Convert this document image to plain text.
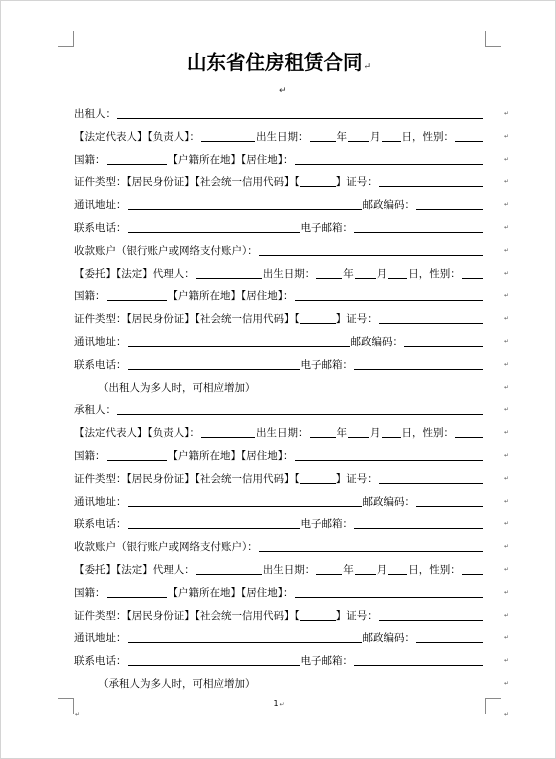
山东省住房租赁合同↵
↵
出租人：	↵
【法定代表人】【负责人】：	出生日期：	年 月 日，性别：	↵
国籍：	【户籍所在地】【居住地】：	↵
证件类型：【居民身份证】【社会统一信用代码】【	】证号：	↵
通讯地址：	邮政编码：	↵
联系电话：	电子邮箱：	↵
收款账户（银行账户或网络支付账户）：	↵
【委托】【法定】代理人：	出生日期：	年 月 日，性别：	↵
国籍：	【户籍所在地】【居住地】：	↵
证件类型：【居民身份证】【社会统一信用代码】【	】证号：	↵
通讯地址：	邮政编码：	↵
联系电话：	电子邮箱：	↵
（出租人为多人时，可相应增加）	↵
承租人：	↵
【法定代表人】【负责人】：	出生日期：	年 月 日，性别：	↵
国籍：	【户籍所在地】【居住地】：	↵
证件类型：【居民身份证】【社会统一信用代码】【	】证号：	↵
通讯地址：	邮政编码：	↵
联系电话：	电子邮箱：	↵
收款账户（银行账户或网络支付账户）：	↵
【委托】【法定】代理人：	出生日期：	年 月 日，性别：	↵
国籍：	【户籍所在地】【居住地】：	↵
证件类型：【居民身份证】【社会统一信用代码】【	】证号：	↵
通讯地址：	邮政编码：	↵
联系电话：	电子邮箱：	↵
（承租人为多人时，可相应增加）	↵
1↵
↵	↵
